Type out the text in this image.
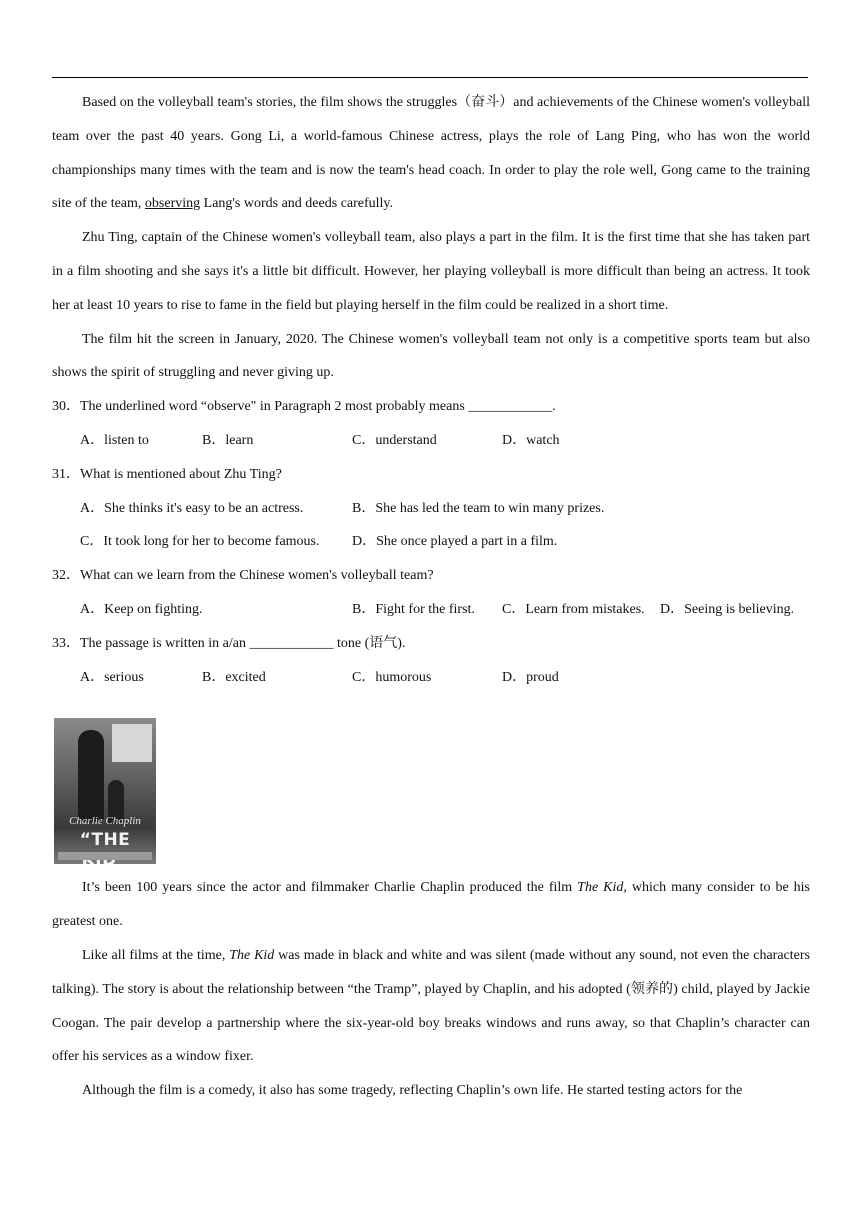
Based on the volleyball team's stories, the film shows the struggles（奋斗）and achievements of the Chinese women's volleyball team over the past 40 years. Gong Li, a world-famous Chinese actress, plays the role of Lang Ping, who has won the world championships many times with the team and is now the team's head coach. In order to play the role well, Gong came to the training site of the team, observing Lang's words and deeds carefully.

Zhu Ting, captain of the Chinese women's volleyball team, also plays a part in the film. It is the first time that she has taken part in a film shooting and she says it's a little bit difficult. However, her playing volleyball is more difficult than being an actress. It took her at least 10 years to rise to fame in the field but playing herself in the film could be realized in a short time.

The film hit the screen in January, 2020. The Chinese women's volleyball team not only is a competitive sports team but also shows the spirit of struggling and never giving up.

30．The underlined word “observe" in Paragraph 2 most probably means ____________.

A．listen to	B．learn	C．understand	D．watch

31．What is mentioned about Zhu Ting?

A．She thinks it's easy to be an actress.	B．She has led the team to win many prizes.
C．It took long for her to become famous.	D．She once played a part in a film.

32．What can we learn from the Chinese women's volleyball team?

A．Keep on fighting.	B．Fight for the first.	C．Learn from mistakes.	D．Seeing is believing.

33．The passage is written in a/an ____________ tone (语气).

A．serious	B．excited	C．humorous	D．proud
Charlie Chaplin
“THE

It’s been 100 years since the actor and filmmaker Charlie Chaplin produced the film The Kid, which many consider to be his greatest one.

Like all films at the time, The Kid was made in black and white and was silent (made without any sound, not even the characters talking). The story is about the relationship between “the Tramp”, played by Chaplin, and his adopted (领养的) child, played by Jackie Coogan. The pair develop a partnership where the six-year-old boy breaks windows and runs away, so that Chaplin’s character can offer his services as a window fixer.

Although the film is a comedy, it also has some tragedy, reflecting Chaplin’s own life. He started testing actors for the
